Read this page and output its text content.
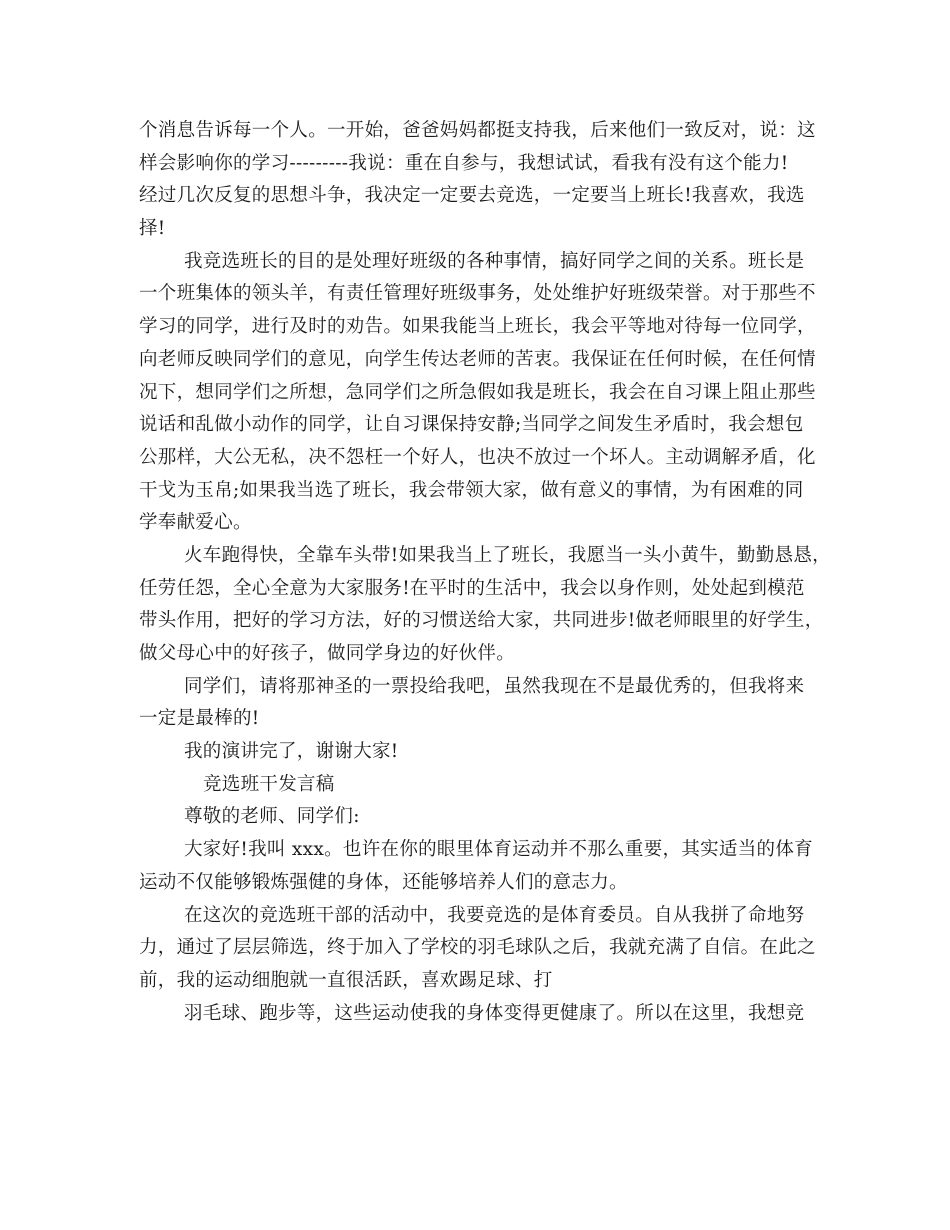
个消息告诉每一个人。一开始，爸爸妈妈都挺支持我，后来他们一致反对，说：这
样会影响你的学习---------我说：重在自参与，我想试试，看我有没有这个能力!
经过几次反复的思想斗争，我决定一定要去竞选，一定要当上班长!我喜欢，我选
择!
我竞选班长的目的是处理好班级的各种事情，搞好同学之间的关系。班长是
一个班集体的领头羊，有责任管理好班级事务，处处维护好班级荣誉。对于那些不
学习的同学，进行及时的劝告。如果我能当上班长，我会平等地对待每一位同学，
向老师反映同学们的意见，向学生传达老师的苦衷。我保证在任何时候，在任何情
况下，想同学们之所想，急同学们之所急假如我是班长，我会在自习课上阻止那些
说话和乱做小动作的同学，让自习课保持安静;当同学之间发生矛盾时，我会想包
公那样，大公无私，决不怨枉一个好人，也决不放过一个坏人。主动调解矛盾，化
干戈为玉帛;如果我当选了班长，我会带领大家，做有意义的事情，为有困难的同
学奉献爱心。
火车跑得快，全靠车头带!如果我当上了班长，我愿当一头小黄牛，勤勤恳恳，
任劳任怨，全心全意为大家服务!在平时的生活中，我会以身作则，处处起到模范
带头作用，把好的学习方法，好的习惯送给大家，共同进步!做老师眼里的好学生，
做父母心中的好孩子，做同学身边的好伙伴。
同学们，请将那神圣的一票投给我吧，虽然我现在不是最优秀的，但我将来
一定是最棒的!
我的演讲完了，谢谢大家!
竞选班干发言稿
尊敬的老师、同学们:
大家好!我叫 xxx。也许在你的眼里体育运动并不那么重要，其实适当的体育
运动不仅能够锻炼强健的身体，还能够培养人们的意志力。
在这次的竞选班干部的活动中，我要竞选的是体育委员。自从我拼了命地努
力，通过了层层筛选，终于加入了学校的羽毛球队之后，我就充满了自信。在此之
前，我的运动细胞就一直很活跃，喜欢踢足球、打
羽毛球、跑步等，这些运动使我的身体变得更健康了。所以在这里，我想竞
